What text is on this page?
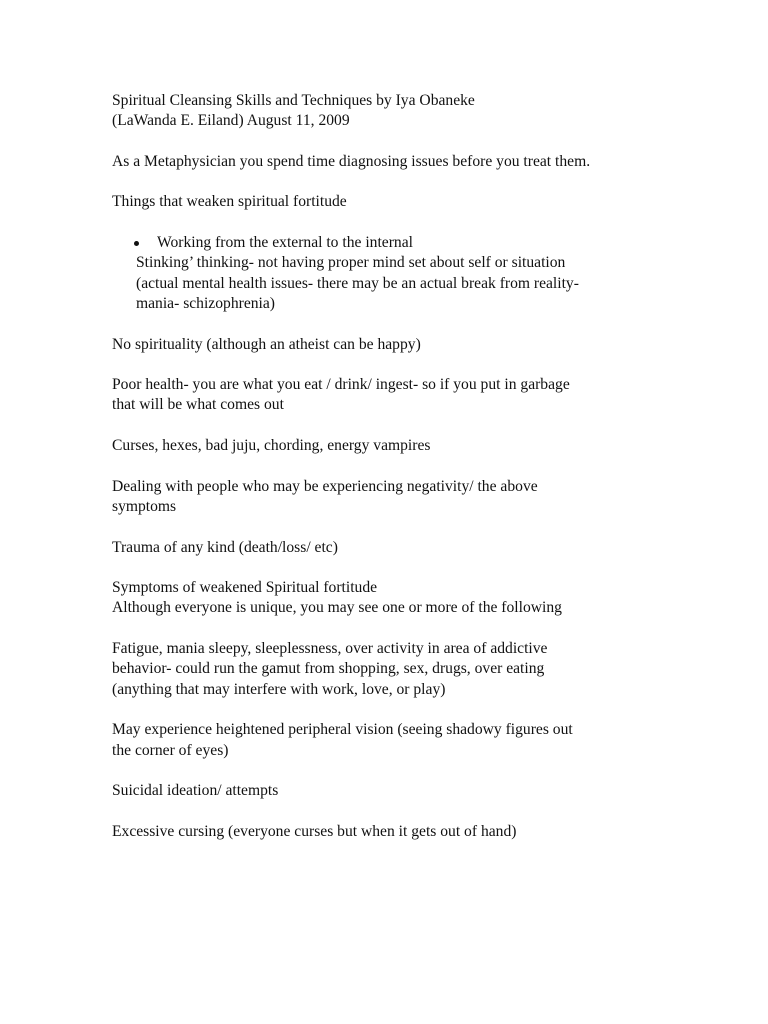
Spiritual Cleansing Skills and Techniques by Iya Obaneke
(LaWanda E. Eiland) August 11, 2009

As a Metaphysician you spend time diagnosing issues before you treat them.

Things that weaken spiritual fortitude

Working from the external to the internal

Stinking’ thinking- not having proper mind set about self or situation
(actual mental health issues- there may be an actual break from reality-
mania- schizophrenia)

No spirituality (although an atheist can be happy)

Poor health- you are what you eat / drink/ ingest- so if you put in garbage
that will be what comes out

Curses, hexes, bad juju, chording, energy vampires

Dealing with people who may be experiencing negativity/ the above
symptoms

Trauma of any kind (death/loss/ etc)

Symptoms of weakened Spiritual fortitude
Although everyone is unique, you may see one or more of the following

Fatigue, mania sleepy, sleeplessness, over activity in area of addictive
behavior- could run the gamut from shopping, sex, drugs, over eating
(anything that may interfere with work, love, or play)

May experience heightened peripheral vision (seeing shadowy figures out
the corner of eyes)

Suicidal ideation/ attempts

Excessive cursing (everyone curses but when it gets out of hand)
